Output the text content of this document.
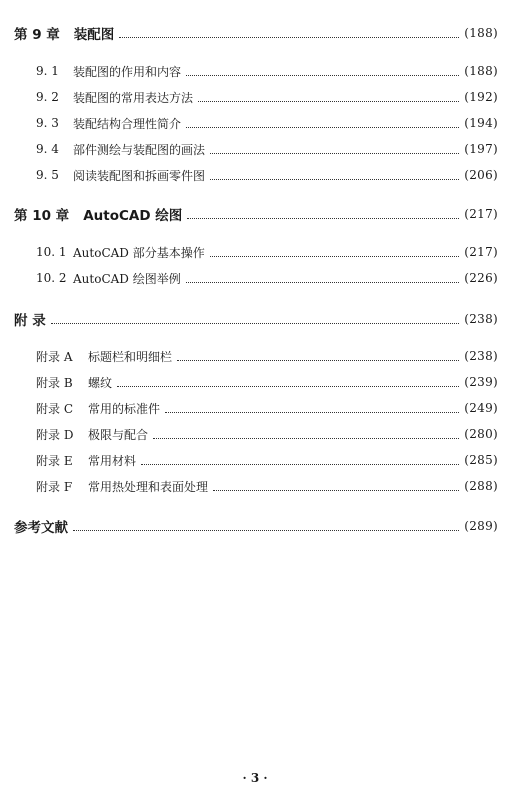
第 9 章 装配图	(188)
9. 1	装配图的作用和内容	(188)
9. 2	装配图的常用表达方法	(192)
9. 3	装配结构合理性简介	(194)
9. 4	部件测绘与装配图的画法	(197)
9. 5	阅读装配图和拆画零件图	(206)
第 10 章 AutoCAD 绘图	(217)
10. 1 AutoCAD 部分基本操作	(217)
10. 2 AutoCAD 绘图举例	(226)
附 录	(238)
附录 A	标题栏和明细栏	(238)
附录 B	螺纹	(239)
附录 C	常用的标准件	(249)
附录 D	极限与配合	(280)
附录 E	常用材料	(285)
附录 F	常用热处理和表面处理	(288)
参考文献	(289)
· 3 ·
